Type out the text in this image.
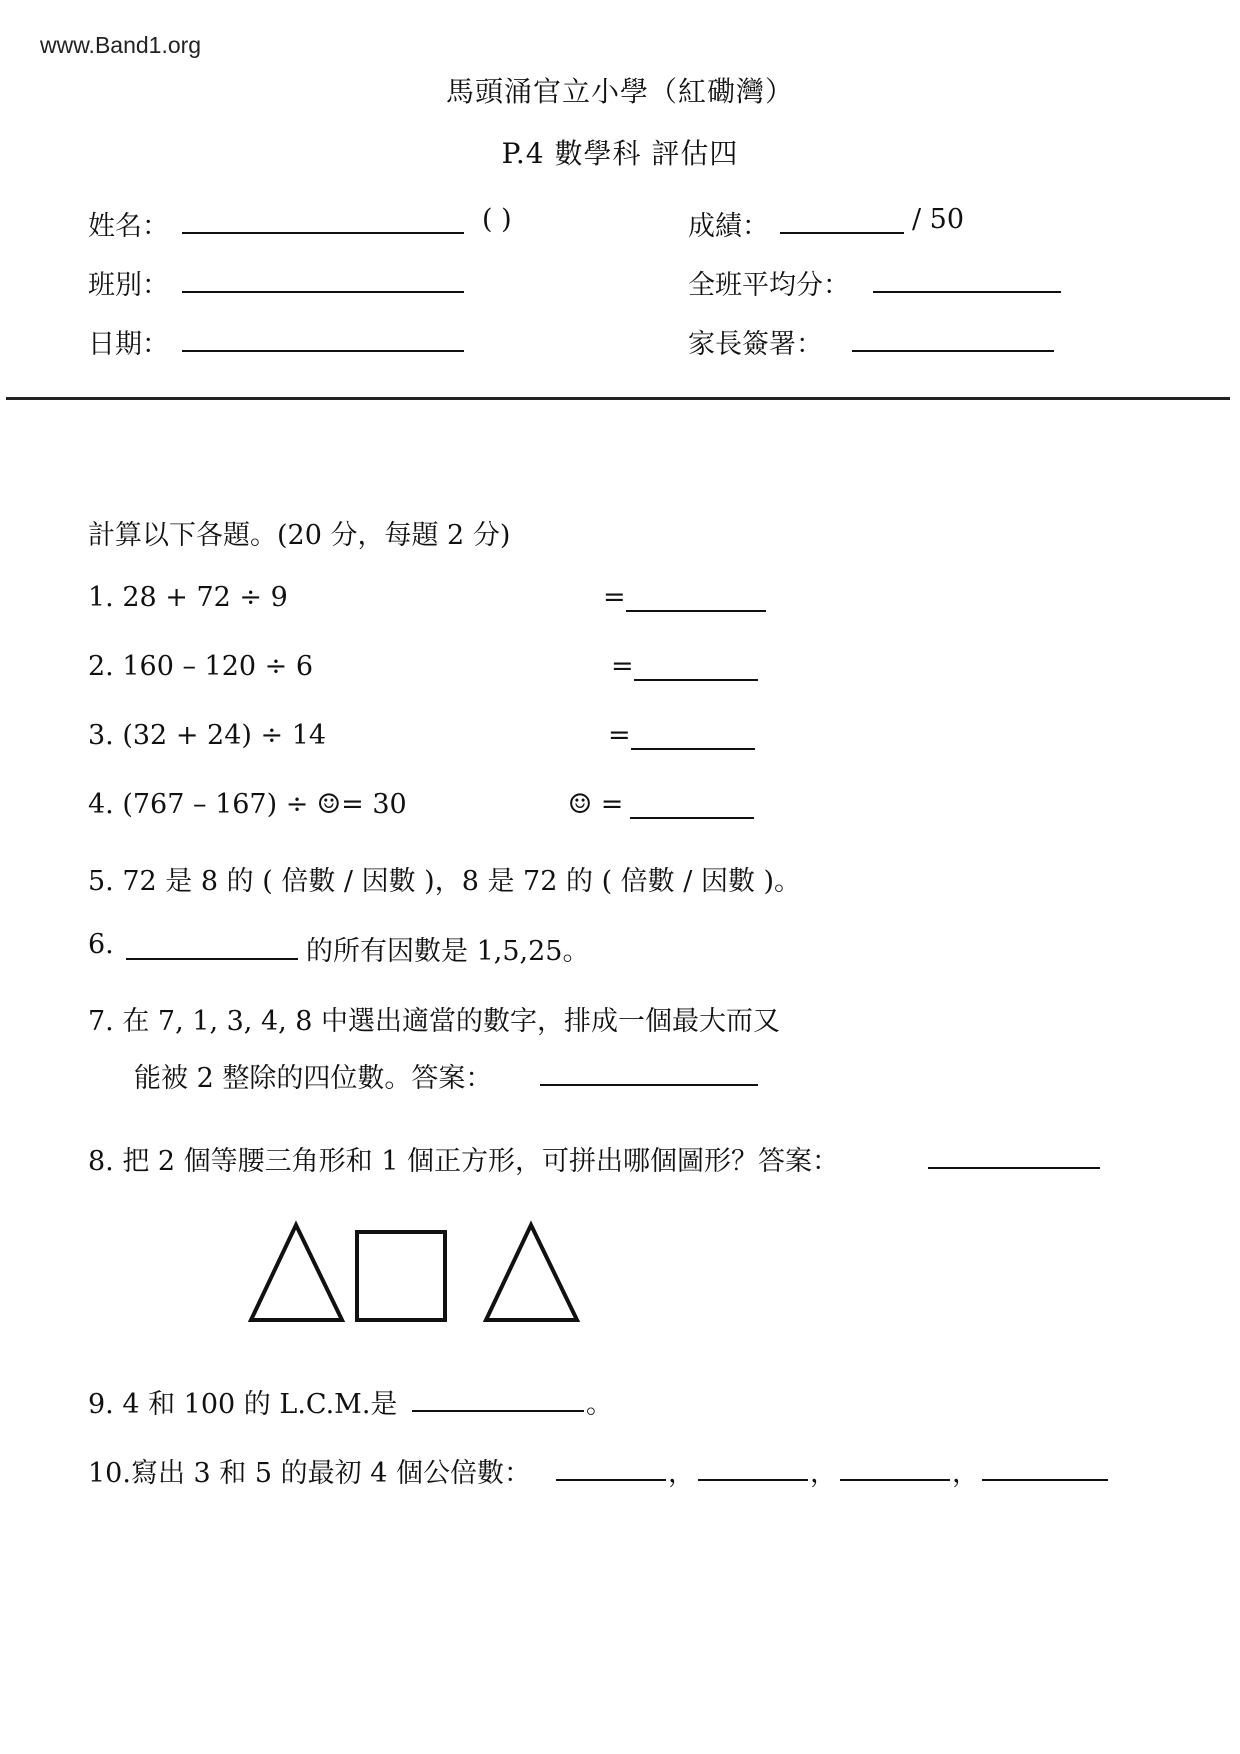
www.Band1.org
馬頭涌官立小學（紅磡灣）
P.4 數學科 評估四
姓名：	( )	成績：	/ 50
班別：	全班平均分：
日期：	家長簽署：
計算以下各題。(20 分，每題 2 分)
1. 28 + 72 ÷ 9	=
2. 160 – 120 ÷ 6	=
3. (32 + 24) ÷ 14	=
4. (767 – 167) ÷ ☺= 30	☺ =
5. 72 是 8 的 ( 倍數 / 因數 )，8 是 72 的 ( 倍數 / 因數 )。
6.	的所有因數是 1,5,25。
7. 在 7, 1, 3, 4, 8 中選出適當的數字，排成一個最大而又
能被 2 整除的四位數。答案：
8. 把 2 個等腰三角形和 1 個正方形，可拼出哪個圖形？答案：
9. 4 和 100 的 L.C.M.是	。
10.寫出 3 和 5 的最初 4 個公倍數：	，	，	，
